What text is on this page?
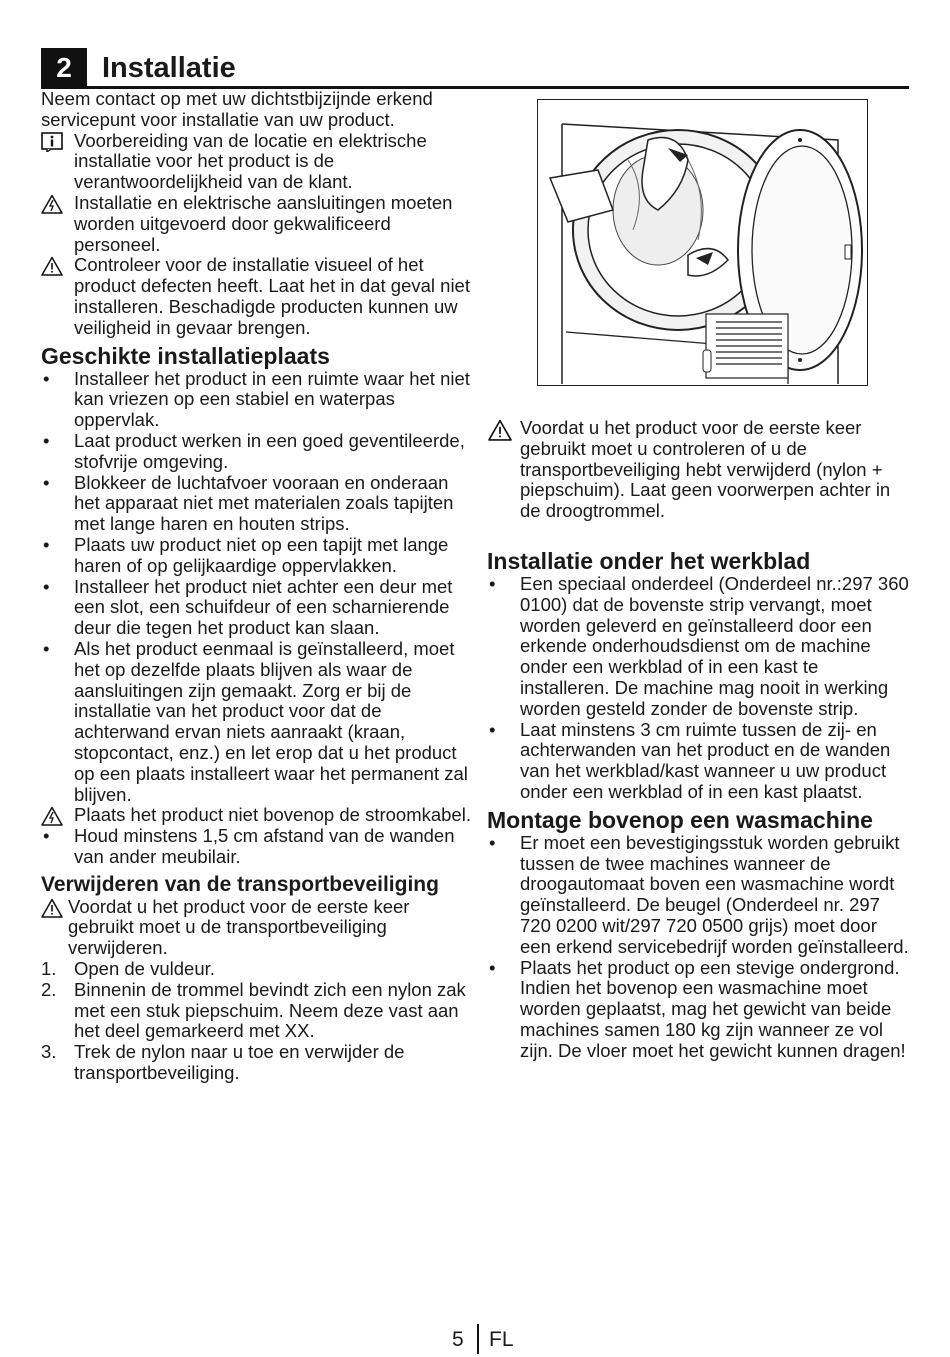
2	Installatie

Neem contact op met uw dichtstbijzijnde erkend servicepunt voor installatie van uw product.

Voorbereiding van de locatie en elektrische installatie voor het product is de verantwoordelijkheid van de klant.

Installatie en elektrische aansluitingen moeten worden uitgevoerd door gekwalificeerd personeel.

Controleer voor de installatie visueel of het product defecten heeft. Laat het in dat geval niet installeren. Beschadigde producten kunnen uw veiligheid in gevaar brengen.

Geschikte installatieplaats
• Installeer het product in een ruimte waar het niet kan vriezen op een stabiel en waterpas oppervlak.
• Laat product werken in een goed geventileerde, stofvrije omgeving.
• Blokkeer de luchtafvoer vooraan en onderaan het apparaat niet met materialen zoals tapijten met lange haren en houten strips.
• Plaats uw product niet op een tapijt met lange haren of op gelijkaardige oppervlakken.
• Installeer het product niet achter een deur met een slot, een schuifdeur of een scharnierende deur die tegen het product kan slaan.
• Als het product eenmaal is geïnstalleerd, moet het op dezelfde plaats blijven als waar de aansluitingen zijn gemaakt. Zorg er bij de installatie van het product voor dat de achterwand ervan niets aanraakt (kraan, stopcontact, enz.) en let erop dat u het product op een plaats installeert waar het permanent zal blijven.

Plaats het product niet bovenop de stroomkabel.

• Houd minstens 1,5 cm afstand van de wanden van ander meubilair.
Verwijderen van de transportbeveiliging

Voordat u het product voor de eerste keer gebruikt moet u de transportbeveiliging verwijderen.

1. Open de vuldeur.
2. Binnenin de trommel bevindt zich een nylon zak met een stuk piepschuim. Neem deze vast aan het deel gemarkeerd met XX.
3. Trek de nylon naar u toe en verwijder de transportbeveiliging.

Voordat u het product voor de eerste keer gebruikt moet u controleren of u de transportbeveiliging hebt verwijderd (nylon + piepschuim). Laat geen voorwerpen achter in de droogtrommel.

Installatie onder het werkblad
• Een speciaal onderdeel (Onderdeel nr.:297 360 0100) dat de bovenste strip vervangt, moet worden geleverd en geïnstalleerd door een erkende onderhoudsdienst om de machine onder een werkblad of in een kast te installeren. De machine mag nooit in werking worden gesteld zonder de bovenste strip.
• Laat minstens 3 cm ruimte tussen de zij- en achterwanden van het product en de wanden van het werkblad/kast wanneer u uw product onder een werkblad of in een kast plaatst.
Montage bovenop een wasmachine
• Er moet een bevestigingsstuk worden gebruikt tussen de twee machines wanneer de droogautomaat boven een wasmachine wordt geïnstalleerd. De beugel (Onderdeel nr. 297 720 0200 wit/297 720 0500 grijs) moet door een erkend servicebedrijf worden geïnstalleerd.
• Plaats het product op een stevige ondergrond. Indien het bovenop een wasmachine moet worden geplaatst, mag het gewicht van beide machines samen 180 kg zijn wanneer ze vol zijn. De vloer moet het gewicht kunnen dragen!
5 FL
